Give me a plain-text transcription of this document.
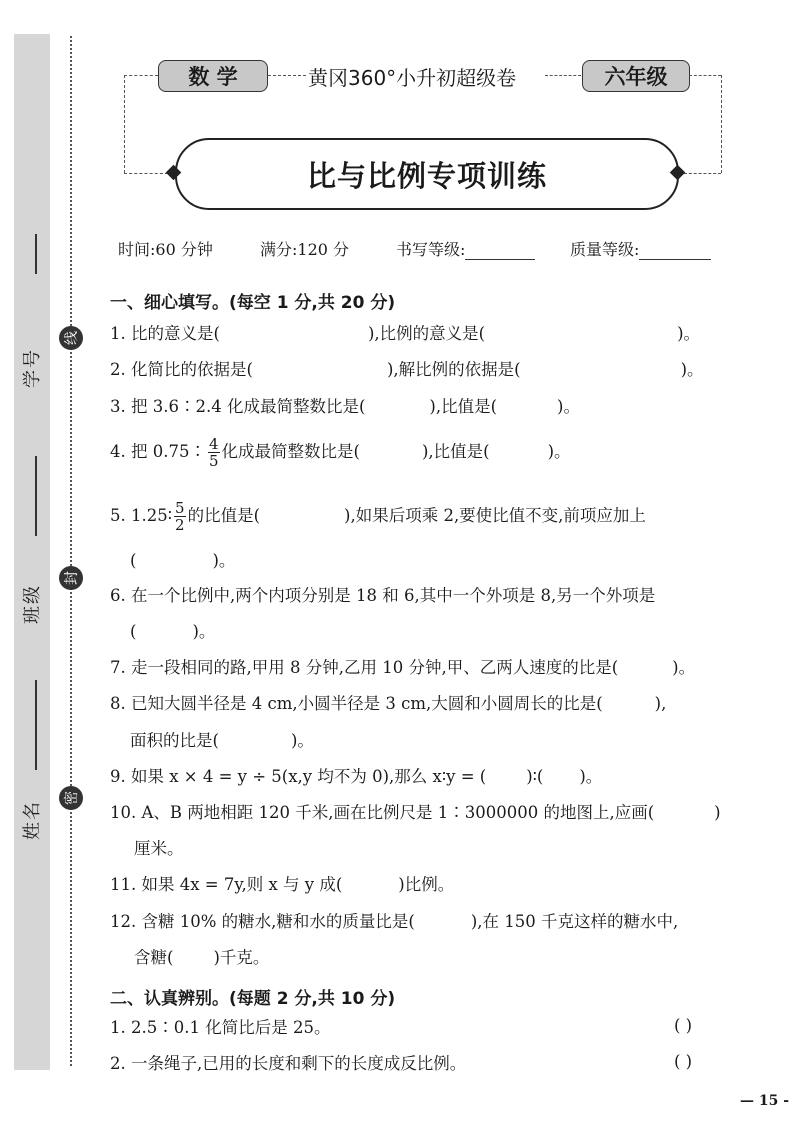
学号
班级
姓名
线
封
密
数 学	黄冈360°小升初超级卷	六年级
比与比例专项训练
时间:60 分钟	满分:120 分	书写等级:	质量等级:
一、细心填写。(每空 1 分,共 20 分)
1. 比的意义是(	),比例的意义是(	)。
2. 化简比的依据是(	),解比例的依据是(	)。
3. 把 3.6∶2.4 化成最简整数比是(	),比值是(	)。
4. 把 0.75∶ $\frac{4}{5}$ 化成最简整数比是(	),比值是(	)。
5. 1.25∶ $\frac{5}{2}$ 的比值是(	),如果后项乘 2,要使比值不变,前项应加上
(	)。
6. 在一个比例中,两个内项分别是 18 和 6,其中一个外项是 8,另一个外项是
(	)。
7. 走一段相同的路,甲用 8 分钟,乙用 10 分钟,甲、乙两人速度的比是(	)。
8. 已知大圆半径是 4 cm,小圆半径是 3 cm,大圆和小圆周长的比是(	),
面积的比是(	)。
9. 如果 x × 4 = y ÷ 5(x,y 均不为 0),那么 x∶y = ( )∶( )。
10. A、B 两地相距 120 千米,画在比例尺是 1∶3000000 的地图上,应画(	)
厘米。
11. 如果 4x = 7y,则 x 与 y 成(	)比例。
12. 含糖 10% 的糖水,糖和水的质量比是(	),在 150 千克这样的糖水中,
含糖( )千克。
二、认真辨别。(每题 2 分,共 10 分)
1. 2.5∶0.1 化简比后是 25。	( )
2. 一条绳子,已用的长度和剩下的长度成反比例。	( )
— 15 -
